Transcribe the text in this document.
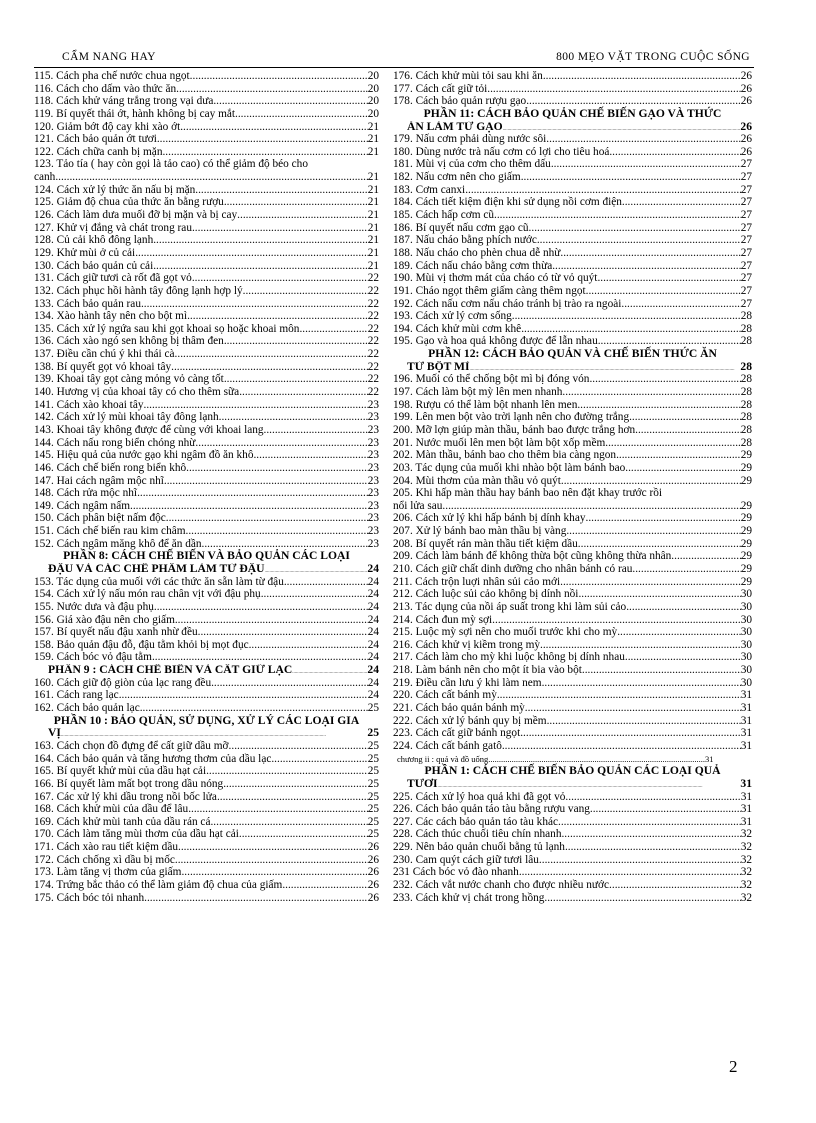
CẨM NANG HAY	800 MẸO VẶT TRONG CUỘC SỐNG
115. Cách pha chế nước chua ngọt .....	20
116. Cách cho dấm vào thức ăn .....	20
118. Cách khử váng trắng trong vại dưa .....	20
119. Bí quyết thái ớt, hành không bị cay mắt .....	20
120. Giảm bớt độ cay khi xào ớt .....	21
121. Cách bảo quản ớt tươi .....	21
122. Cách chữa canh bị mặn .....	21
123. Tảo tía ( hay còn gọi là tảo cao) có thể giảm độ béo cho
canh .....	21
124. Cách xử lý thức ăn nấu bị mặn .....	21
125. Giảm độ chua của thức ăn bằng rượu .....	21
126. Cách làm dưa muối đỡ bị mặn và bị cay .....	21
127. Khử vị đắng và chát trong rau .....	21
128. Củ cải khô đông lạnh .....	21
129. Khử mùi ở củ cải .....	21
130. Cách bảo quản củ cải .....	21
131. Cách giữ tươi cà rốt đã gọt vỏ .....	22
132. Cách phục hồi hành tây đông lạnh hợp lý .....	22
133. Cách bảo quản rau .....	22
134. Xào hành tây nên cho bột mì .....	22
135. Cách xử lý ngứa sau khi gọt khoai sọ hoặc khoai môn .....	22
136. Cách xào ngó sen không bị thâm đen .....	22
137. Điều cần chú ý khi thái cà .....	22
138. Bí quyết gọt vỏ khoai tây .....	22
139. Khoai tây gọt càng mỏng vỏ càng tốt .....	22
140. Hương vị của khoai tây có cho thêm sữa .....	22
141. Cách xào khoai tây .....	23
142. Cách xử lý mùi khoai tây đông lạnh .....	23
143. Khoai tây không được để cùng với khoai lang .....	23
144. Cách nấu rong biển chóng nhừ .....	23
145. Hiệu quả của nước gạo khi ngâm đồ ăn khô .....	23
146. Cách chế biến rong biển khô .....	23
147. Hai cách ngâm mộc nhĩ .....	23
148. Cách rửa mộc nhĩ .....	23
149. Cách ngâm nấm .....	23
150. Cách phân biệt nấm độc .....	23
151. Cách chế biến rau kim châm .....	23
152. Cách ngâm măng khô để ăn dần .....	23
PHẦN 8: CÁCH CHẾ BIẾN VÀ BẢO QUẢN CÁC LOẠI
ĐẬU VÀ CÁC CHẾ PHẨM LÀM TỪ ĐẬU .....	24
153. Tác dụng của muối với các thức ăn sẵn làm từ đậu .....	24
154. Cách xử lý nấu món rau chân vịt với đậu phụ .....	24
155. Nước dưa và đậu phụ .....	24
156. Giá xào đậu nên cho giấm .....	24
157. Bí quyết nấu đậu xanh nhừ đều .....	24
158. Bảo quản đậu đỗ, đậu tằm khỏi bị mọt đục .....	24
159. Cách bóc vỏ đậu tằm .....	24
PHẦN 9 : CÁCH CHẾ BIẾN VÀ CẤT GIỮ LẠC .....	24
160. Cách giữ độ giòn của lạc rang đều .....	24
161. Cách rang lạc .....	24
162. Cách bảo quản lạc .....	25
PHẦN 10 : BẢO QUẢN, SỬ DỤNG, XỬ LÝ CÁC LOẠI GIA
VỊ .....	25
163. Cách chọn đồ đựng để cất giữ dầu mỡ .....	25
164. Cách bảo quản và tăng hương thơm của dầu lạc .....	25
165. Bí quyết khử mùi của dầu hạt cải .....	25
166. Bí quyết làm mất bọt trong dầu nóng .....	25
167. Các xử lý khi dầu trong nồi bốc lửa .....	25
168. Cách khử mùi của dầu để lâu .....	25
169. Cách khử mùi tanh của dầu rán cá .....	25
170. Cách làm tăng mùi thơm của dầu hạt cải .....	25
171. Cách xào rau tiết kiệm dầu .....	26
172. Cách chống xì dầu bị mốc .....	26
173. Làm tăng vị thơm của giấm .....	26
174. Trứng bắc thảo có thể làm giảm độ chua của giấm .....	26
175. Cách bóc tỏi nhanh .....	26
176. Cách khử mùi tỏi sau khi ăn .....	26
177. Cách cất giữ tỏi .....	26
178. Cách bảo quản rượu gạo .....	26
PHẦN 11: CÁCH BẢO QUẢN CHẾ BIẾN GẠO VÀ THỨC
ĂN LÀM TỪ GẠO .....	26
179. Nấu cơm phải dùng nước sôi .....	26
180. Dùng nước trà nấu cơm có lợi cho tiêu hoá .....	26
181. Mùi vị của cơm cho thêm dấu .....	27
182. Nấu cơm nên cho giấm .....	27
183. Cơm canxi .....	27
184. Cách tiết kiệm điện khi sử dụng nồi cơm điện .....	27
185. Cách hấp cơm cũ .....	27
186. Bí quyết nấu cơm gạo cũ .....	27
187. Nấu cháo bằng phích nước .....	27
188. Nấu cháo cho phèn chua dễ nhừ .....	27
189. Cách nấu cháo bằng cơm thừa .....	27
190. Mùi vị thơm mát của cháo có từ vỏ quýt .....	27
191. Cháo ngọt thêm giấm càng thêm ngọt .....	27
192. Cách nấu cơm nấu cháo tránh bị trào ra ngoài .....	27
193. Cách xử lý cơm sống .....	28
194. Cách khử mùi cơm khê .....	28
195. Gạo và hoa quả không được để lẫn nhau .....	28
PHẦN 12: CÁCH BẢO QUẢN VÀ CHẾ BIẾN THỨC ĂN
TỪ BỘT MÌ .....	28
196. Muối có thể chống bột mì bị đóng vón .....	28
197. Cách làm bột mỳ lên men nhanh .....	28
198. Rượu có thể làm bột nhanh lên men .....	28
199. Lên men bột vào trời lạnh nên cho đường trắng .....	28
200. Mỡ lợn giúp màn thầu, bánh bao được trắng hơn .....	28
201. Nước muối lên men bột làm bột xốp mềm .....	28
202. Màn thầu, bánh bao cho thêm bia càng ngon .....	29
203. Tác dụng của muối khi nhào bột làm bánh bao .....	29
204. Mùi thơm của màn thầu vỏ quýt .....	29
205. Khi hấp màn thầu hay bánh bao nên đặt khay trước rồi
nổi lửa sau .....	29
206. Cách xử lý khi hấp bánh bị dính khay .....	29
207. Xử lý bánh bao màn thầu bị vàng .....	29
208. Bí quyết rán màn thầu tiết kiệm dầu .....	29
209. Cách làm bánh để không thừa bột cũng không thừa nhân .....	29
210. Cách giữ chất dinh dưỡng cho nhân bánh có rau .....	29
211. Cách trộn luợi nhân sủi cảo mới .....	29
212. Cách luộc sủi cảo không bị dính nồi .....	30
213. Tác dụng của nồi áp suất trong khi làm sủi cảo .....	30
214. Cách đun mỳ sợi .....	30
215. Luộc mỳ sợi nên cho muối trước khi cho mỳ .....	30
216. Cách khử vị kiềm trong mỳ .....	30
217. Cách làm cho mỳ khi luộc không bị dính nhau .....	30
218. Làm bánh nên cho một ít bia vào bột .....	30
219. Điều cần lưu ý khi làm nem .....	30
220. Cách cất bánh mỳ .....	31
221. Cách bảo quản bánh mỳ .....	31
222. Cách xử lý bánh quy bị mềm .....	31
223. Cách cất giữ bánh ngọt .....	31
224. Cách cất bánh gatô .....	31
chương ii : quả và đồ uống .....	31
PHẦN 1: CÁCH CHẾ BIẾN BẢO QUẢN CÁC LOẠI QUẢ
TƯƠI .....	31
225. Cách xử lý hoa quả khi đã gọt vỏ .....	31
226. Cách bảo quản táo tàu bằng rượu vang .....	31
227. Các cách bảo quản táo tàu khác .....	31
228. Cách thúc chuối tiêu chín nhanh .....	32
229. Nên bảo quản chuối bằng tủ lạnh .....	32
230. Cam quýt cách giữ tươi lâu .....	32
231 Cách bóc vỏ đào nhanh .....	32
232. Cách vắt nước chanh cho được nhiều nước .....	32
233. Cách khử vị chát trong hồng .....	32
2
